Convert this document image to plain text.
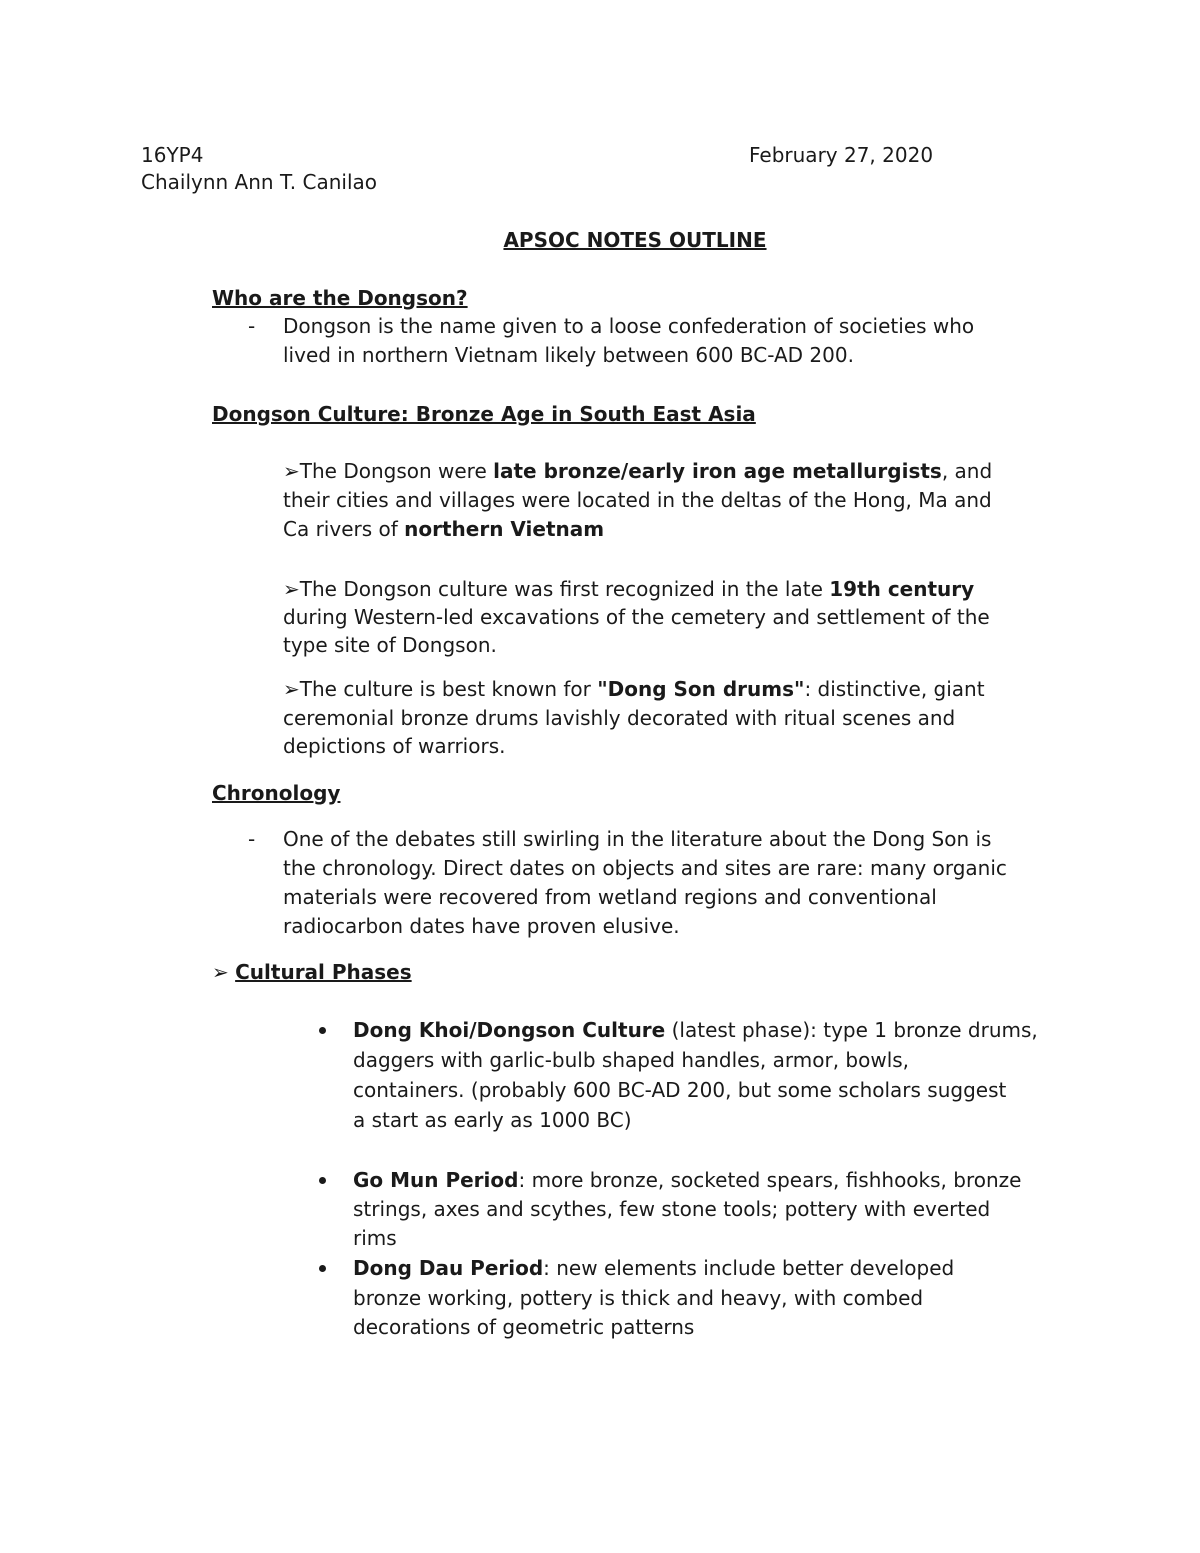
16YP4	February 27, 2020
Chailynn Ann T. Canilao
APSOC NOTES OUTLINE
Who are the Dongson?
-	Dongson is the name given to a loose confederation of societies who
lived in northern Vietnam likely between 600 BC-AD 200.
Dongson Culture: Bronze Age in South East Asia
➢The Dongson were late bronze/early iron age metallurgists, and
their cities and villages were located in the deltas of the Hong, Ma and
Ca rivers of northern Vietnam
➢The Dongson culture was first recognized in the late 19th century
during Western-led excavations of the cemetery and settlement of the
type site of Dongson.
➢The culture is best known for "Dong Son drums": distinctive, giant
ceremonial bronze drums lavishly decorated with ritual scenes and
depictions of warriors.
Chronology
-	One of the debates still swirling in the literature about the Dong Son is
the chronology. Direct dates on objects and sites are rare: many organic
materials were recovered from wetland regions and conventional
radiocarbon dates have proven elusive.
➢ Cultural Phases
Dong Khoi/Dongson Culture (latest phase): type 1 bronze drums,
daggers with garlic-bulb shaped handles, armor, bowls,
containers. (probably 600 BC-AD 200, but some scholars suggest
a start as early as 1000 BC)
Go Mun Period: more bronze, socketed spears, fishhooks, bronze
strings, axes and scythes, few stone tools; pottery with everted
rims
Dong Dau Period: new elements include better developed
bronze working, pottery is thick and heavy, with combed
decorations of geometric patterns
